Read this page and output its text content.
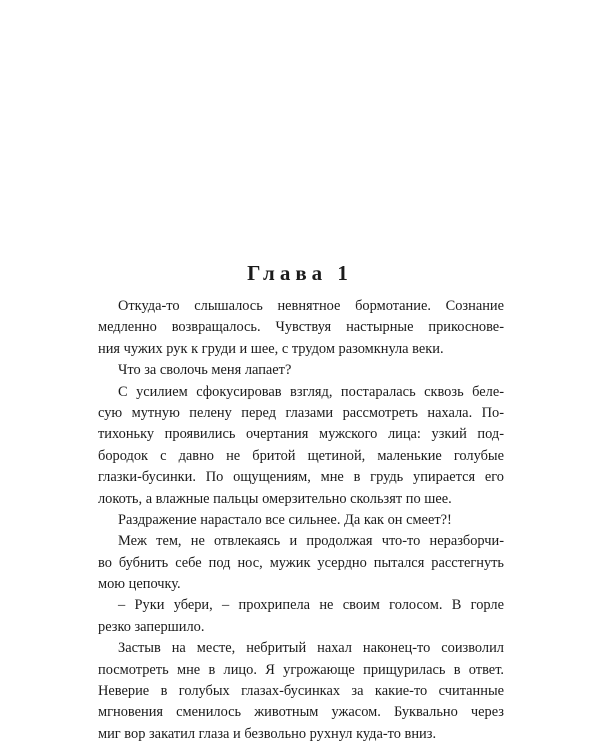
Глава 1
Откуда-то слышалось невнятное бормотание. Сознание
медленно возвращалось. Чувствуя настырные прикоснове-
ния чужих рук к груди и шее, с трудом разомкнула веки.
Что за сволочь меня лапает?
С усилием сфокусировав взгляд, постаралась сквозь беле-
сую мутную пелену перед глазами рассмотреть нахала. По-
тихоньку проявились очертания мужского лица: узкий под-
бородок с давно не бритой щетиной, маленькие голубые
глазки-бусинки. По ощущениям, мне в грудь упирается его
локоть, а влажные пальцы омерзительно скользят по шее.
Раздражение нарастало все сильнее. Да как он смеет?!
Меж тем, не отвлекаясь и продолжая что-то неразборчи-
во бубнить себе под нос, мужик усердно пытался расстегнуть
мою цепочку.
– Руки убери, – прохрипела не своим голосом. В горле
резко запершило.
Застыв на месте, небритый нахал наконец-то соизволил
посмотреть мне в лицо. Я угрожающе прищурилась в ответ.
Неверие в голубых глазах-бусинках за какие-то считанные
мгновения сменилось животным ужасом. Буквально через
миг вор закатил глаза и безвольно рухнул куда-то вниз.
